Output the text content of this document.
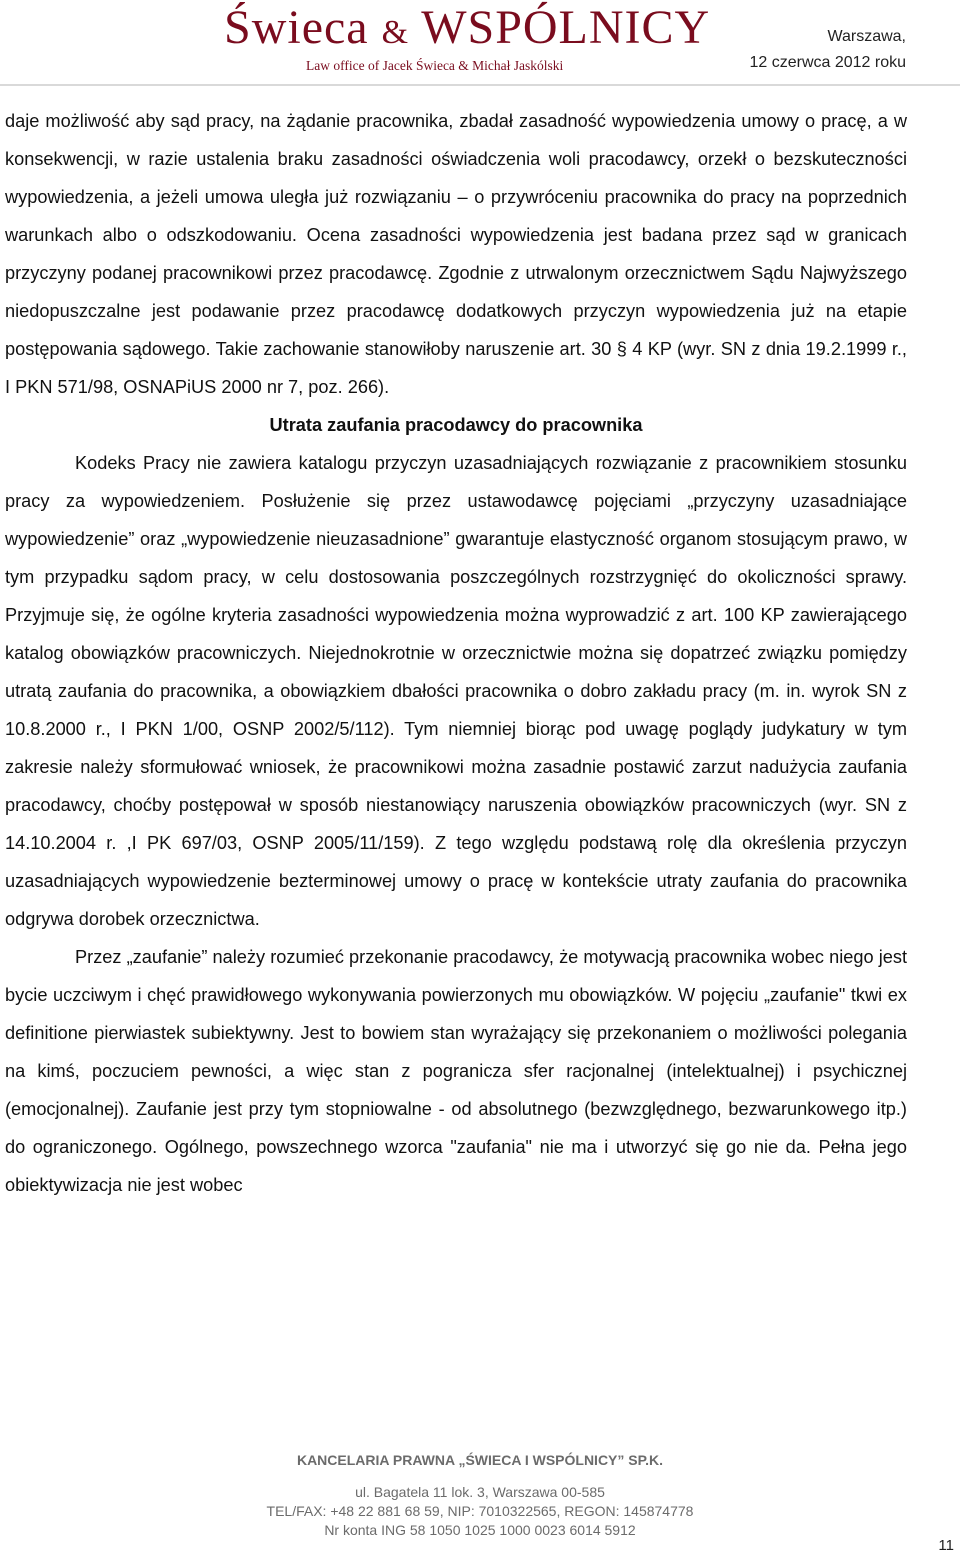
Świeca & WSPÓLNICY
Law office of Jacek Świeca & Michał Jaskólski
Warszawa,
12 czerwca 2012 roku

daje możliwość aby sąd pracy, na żądanie pracownika, zbadał zasadność wypowiedzenia umowy o pracę, a w konsekwencji, w razie ustalenia braku zasadności oświadczenia woli pracodawcy, orzekł o bezskuteczności wypowiedzenia, a jeżeli umowa uległa już rozwiązaniu – o przywróceniu pracownika do pracy na poprzednich warunkach albo o odszkodowaniu. Ocena zasadności wypowiedzenia jest badana przez sąd w granicach przyczyny podanej pracownikowi przez pracodawcę. Zgodnie z utrwalonym orzecznictwem Sądu Najwyższego niedopuszczalne jest podawanie przez pracodawcę dodatkowych przyczyn wypowiedzenia już na etapie postępowania sądowego. Takie zachowanie stanowiłoby naruszenie art. 30 § 4 KP (wyr. SN z dnia 19.2.1999 r., I PKN 571/98, OSNAPiUS 2000 nr 7, poz. 266).

Utrata zaufania pracodawcy do pracownika

Kodeks Pracy nie zawiera katalogu przyczyn uzasadniających rozwiązanie z pracownikiem stosunku pracy za wypowiedzeniem. Posłużenie się przez ustawodawcę pojęciami „przyczyny uzasadniające wypowiedzenie” oraz „wypowiedzenie nieuzasadnione” gwarantuje elastyczność organom stosującym prawo, w tym przypadku sądom pracy, w celu dostosowania poszczególnych rozstrzygnięć do okoliczności sprawy. Przyjmuje się, że ogólne kryteria zasadności wypowiedzenia można wyprowadzić z art. 100 KP zawierającego katalog obowiązków pracowniczych. Niejednokrotnie w orzecznictwie można się dopatrzeć związku pomiędzy utratą zaufania do pracownika, a obowiązkiem dbałości pracownika o dobro zakładu pracy (m. in. wyrok SN z 10.8.2000 r., I PKN 1/00, OSNP 2002/5/112). Tym niemniej biorąc pod uwagę poglądy judykatury w tym zakresie należy sformułować wniosek, że pracownikowi można zasadnie postawić zarzut nadużycia zaufania pracodawcy, choćby postępował w sposób niestanowiący naruszenia obowiązków pracowniczych (wyr. SN z 14.10.2004 r. ,I PK 697/03, OSNP 2005/11/159). Z tego względu podstawą rolę dla określenia przyczyn uzasadniających wypowiedzenie bezterminowej umowy o pracę w kontekście utraty zaufania do pracownika odgrywa dorobek orzecznictwa.

Przez „zaufanie” należy rozumieć przekonanie pracodawcy, że motywacją pracownika wobec niego jest bycie uczciwym i chęć prawidłowego wykonywania powierzonych mu obowiązków. W pojęciu „zaufanie" tkwi ex definitione pierwiastek subiektywny. Jest to bowiem stan wyrażający się przekonaniem o możliwości polegania na kimś, poczuciem pewności, a więc stan z pogranicza sfer racjonalnej (intelektualnej) i psychicznej (emocjonalnej). Zaufanie jest przy tym stopniowalne - od absolutnego (bezwzględnego, bezwarunkowego itp.) do ograniczonego. Ogólnego, powszechnego wzorca "zaufania" nie ma i utworzyć się go nie da. Pełna jego obiektywizacja nie jest wobec

KANCELARIA PRAWNA „ŚWIECA I WSPÓLNICY” SP.K.
ul. Bagatela 11 lok. 3, Warszawa 00-585
TEL/FAX: +48 22 881 68 59, NIP: 7010322565, REGON: 145874778
Nr konta ING 58 1050 1025 1000 0023 6014 5912
11
